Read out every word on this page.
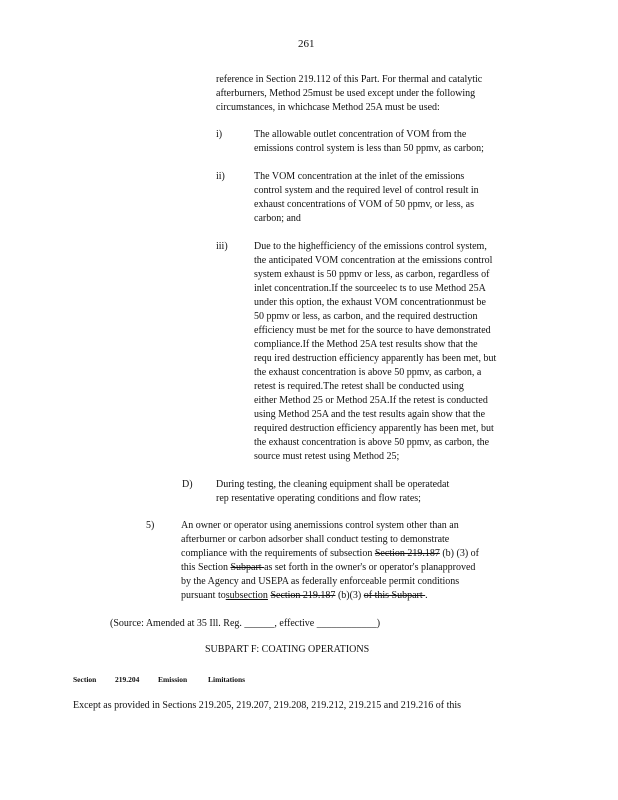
261
reference in Section 219.112 of this Part. For thermal and catalytic
afterburners, Method 25must be used except under the following
circumstances, in whichcase Method 25A must be used:
i)	The allowable outlet concentration of VOM from the
emissions control system is less than 50 ppmv, as carbon;
ii)	The VOM concentration at the inlet of the emissions
control system and the required level of control result in
exhaust concentrations of VOM of 50 ppmv, or less, as
carbon; and
iii)	Due to the highefficiency of the emissions control system,
the anticipated VOM concentration at the emissions control
system exhaust is 50 ppmv or less, as carbon, regardless of
inlet concentration.If the sourceelec ts to use Method 25A
under this option, the exhaust VOM concentrationmust be
50 ppmv or less, as carbon, and the required destruction
efficiency must be met for the source to have demonstrated
compliance.If the Method 25A test results show that the
requ ired destruction efficiency apparently has been met, but
the exhaust concentration is above 50 ppmv, as carbon, a
retest is required.The retest shall be conducted using
either Method 25 or Method 25A.If the retest is conducted
using Method 25A and the test results again show that the
required destruction efficiency apparently has been met, but
the exhaust concentration is above 50 ppmv, as carbon, the
source must retest using Method 25;
D) During testing, the cleaning equipment shall be operatedat
rep resentative operating conditions and flow rates;
5)	An owner or operator using anemissions control system other than an
afterburner or carbon adsorber shall conduct testing to demonstrate
compliance with the requirements of subsection Section 219.187 (b) (3) of
this Section Subpart as set forth in the owner's or operator's planapproved
by the Agency and USEPA as federally enforceable permit conditions
pursuant tosubsection Section 219.187 (b)(3) of this Subpart .
(Source: Amended at 35 Ill. Reg. ______, effective ____________)
SUBPART F: COATING OPERATIONS
Section 219.204 Emission	Limitations
Except as provided in Sections 219.205, 219.207, 219.208, 219.212, 219.215 and 219.216 of this
